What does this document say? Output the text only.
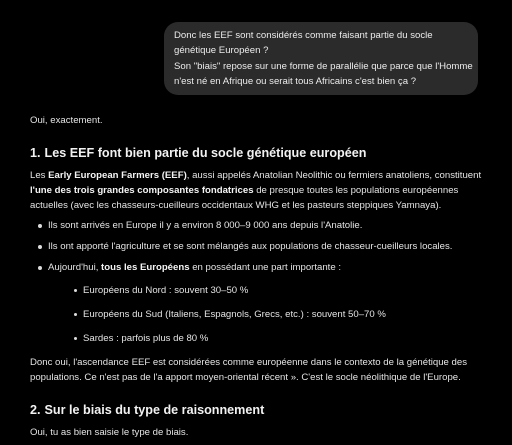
Donc les EEF sont considérés comme faisant partie du socle
génétique Européen ?
Son "biais" repose sur une forme de parallélie que parce que l'Homme
n'est né en Afrique ou serait tous Africains c'est bien ça ?

Oui, exactement.

1. Les EEF font bien partie du socle génétique européen

Les Early European Farmers (EEF), aussi appelés Anatolian Neolithic ou fermiers anatoliens, constituent
l'une des trois grandes composantes fondatrices de presque toutes les populations européennes
actuelles (avec les chasseurs-cueilleurs occidentaux WHG et les pasteurs steppiques Yamnaya).

Ils sont arrivés en Europe il y a environ 8 000–9 000 ans depuis l'Anatolie.
Ils ont apporté l'agriculture et se sont mélangés aux populations de chasseur-cueilleurs locales.
Aujourd'hui, tous les Européens en possédant une part importante :
Européens du Nord : souvent 30–50 %
Européens du Sud (Italiens, Espagnols, Grecs, etc.) : souvent 50–70 %
Sardes : parfois plus de 80 %

Donc oui, l'ascendance EEF est considérées comme européenne dans le contexto de la génétique des
populations. Ce n'est pas de l'a apport moyen-oriental récent ». C'est le socle néolithique de l'Europe.

2. Sur le biais du type de raisonnement

Oui, tu as bien saisie le type de biais.
